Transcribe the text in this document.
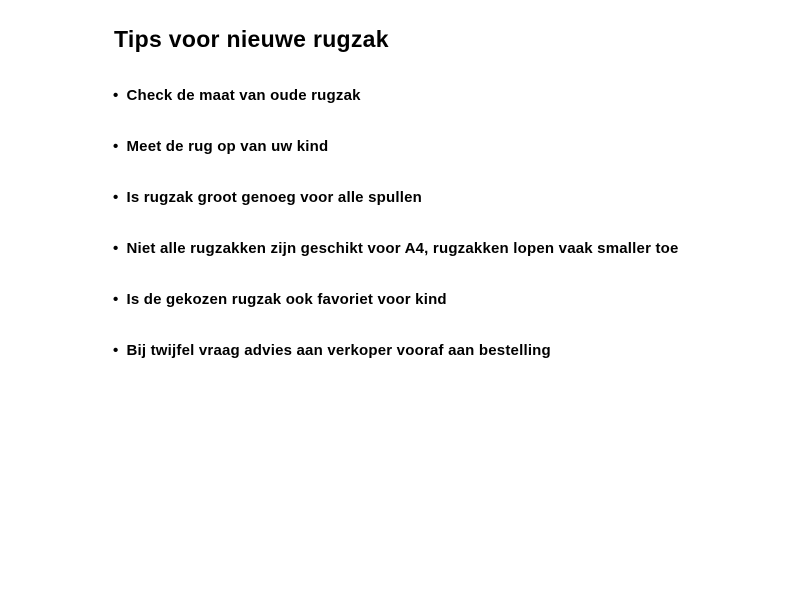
Tips voor nieuwe rugzak
• Check de maat van oude rugzak
• Meet de rug op van uw kind
• Is rugzak groot genoeg voor alle spullen
• Niet alle rugzakken zijn geschikt voor A4, rugzakken lopen vaak smaller toe
• Is de gekozen rugzak ook favoriet voor kind
• Bij twijfel vraag advies aan verkoper vooraf aan bestelling
